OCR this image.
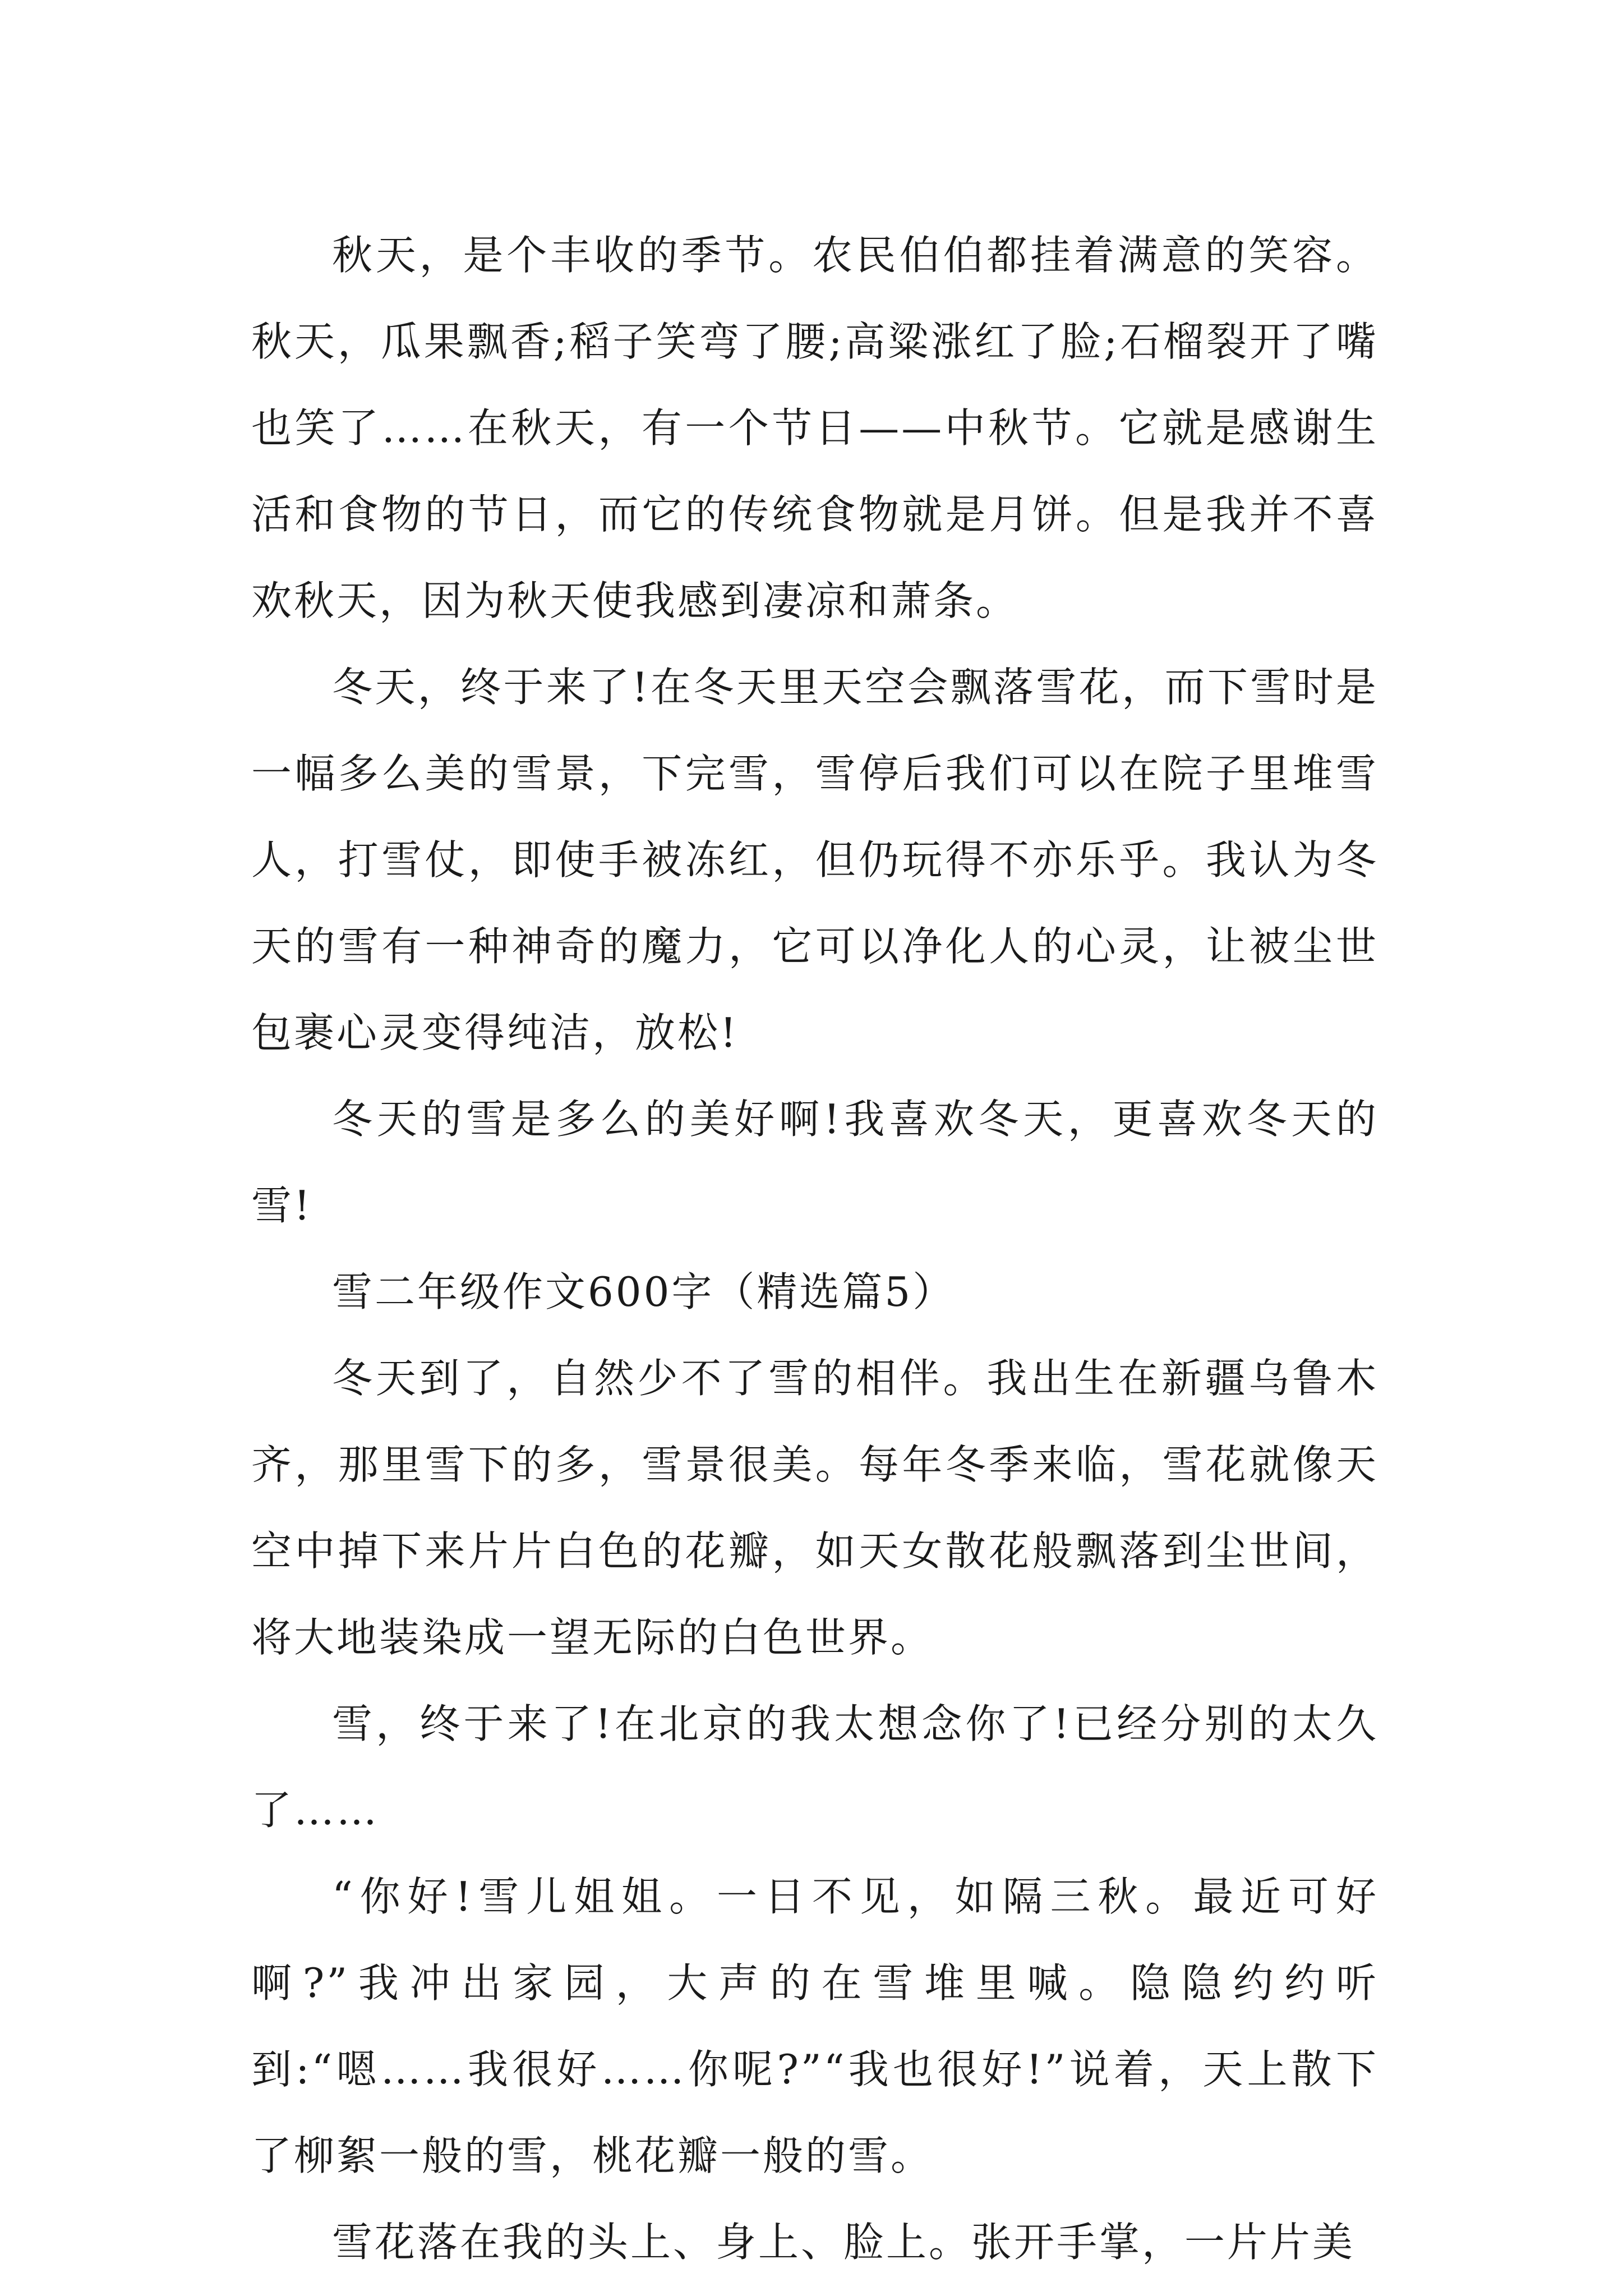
秋天，是个丰收的季节。农民伯伯都挂着满意的笑容。秋天，瓜果飘香;稻子笑弯了腰;高粱涨红了脸;石榴裂开了嘴也笑了……在秋天，有一个节日——中秋节。它就是感谢生活和食物的节日，而它的传统食物就是月饼。但是我并不喜欢秋天，因为秋天使我感到凄凉和萧条。

冬天，终于来了!在冬天里天空会飘落雪花，而下雪时是一幅多么美的雪景，下完雪，雪停后我们可以在院子里堆雪人，打雪仗，即使手被冻红，但仍玩得不亦乐乎。我认为冬天的雪有一种神奇的魔力，它可以净化人的心灵，让被尘世包裹心灵变得纯洁，放松!

冬天的雪是多么的美好啊!我喜欢冬天，更喜欢冬天的雪!

雪二年级作文600字（精选篇5）

冬天到了，自然少不了雪的相伴。我出生在新疆乌鲁木齐，那里雪下的多，雪景很美。每年冬季来临，雪花就像天空中掉下来片片白色的花瓣，如天女散花般飘落到尘世间，将大地装染成一望无际的白色世界。

雪，终于来了!在北京的我太想念你了!已经分别的太久了……

“你好!雪儿姐姐。一日不见，如隔三秋。最近可好啊?”我冲出家园，大声的在雪堆里喊。隐隐约约听到:“嗯……我很好……你呢?”“我也很好!”说着，天上散下了柳絮一般的雪，桃花瓣一般的雪。

雪花落在我的头上、身上、脸上。张开手掌，一片片美
